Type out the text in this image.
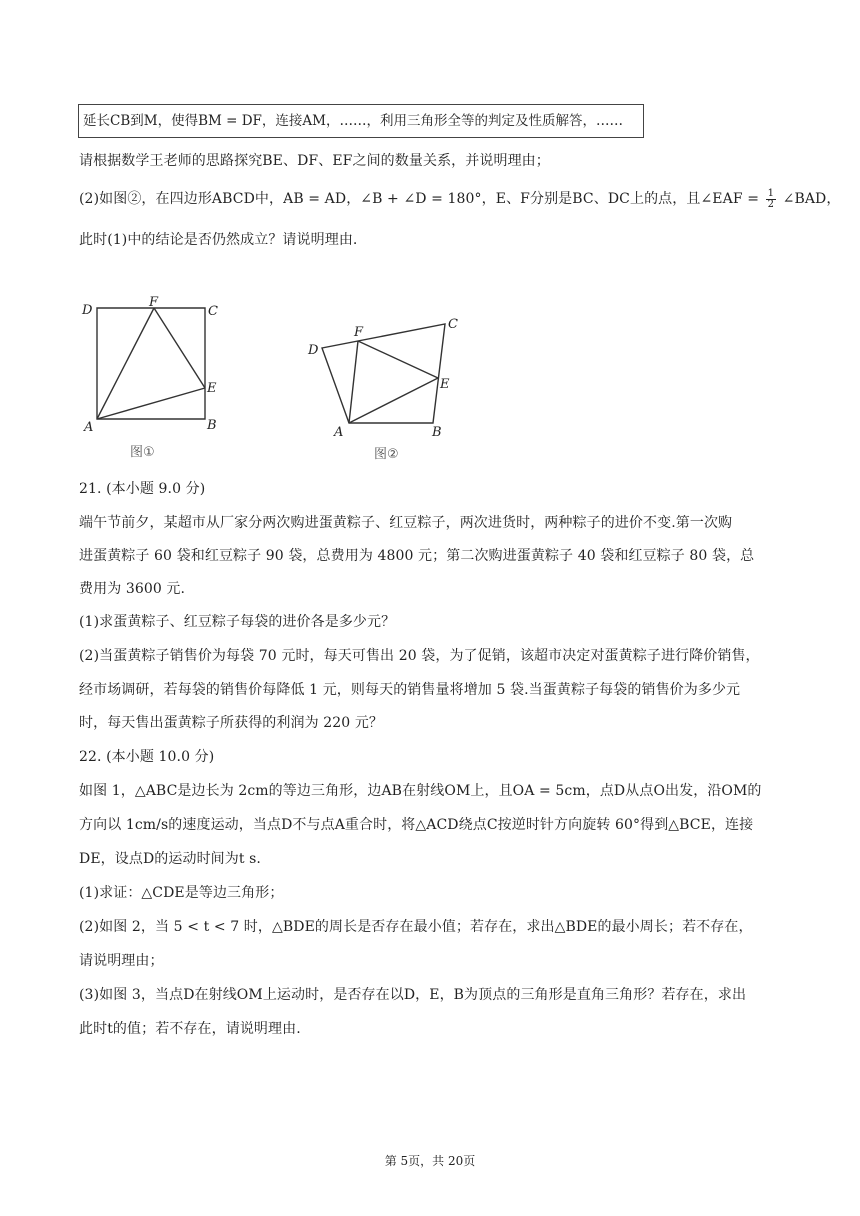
延长CB到M，使得BM = DF，连接AM，……，利用三角形全等的判定及性质解答，……
请根据数学王老师的思路探究BE、DF、EF之间的数量关系，并说明理由；
(2)如图②，在四边形ABCD中，AB = AD，∠B + ∠D = 180°，E、F分别是BC、DC上的点，且∠EAF = $\frac{1}{2}$ ∠BAD，
此时(1)中的结论是否仍然成立？请说明理由.
D
F
C
E
A	B
图①
D
F
C
E
A	B
图②
21. (本小题 9.0 分)
端午节前夕，某超市从厂家分两次购进蛋黄粽子、红豆粽子，两次进货时，两种粽子的进价不变.第一次购
进蛋黄粽子 60 袋和红豆粽子 90 袋，总费用为 4800 元；第二次购进蛋黄粽子 40 袋和红豆粽子 80 袋，总
费用为 3600 元.
(1)求蛋黄粽子、红豆粽子每袋的进价各是多少元？
(2)当蛋黄粽子销售价为每袋 70 元时，每天可售出 20 袋，为了促销，该超市决定对蛋黄粽子进行降价销售，
经市场调研，若每袋的销售价每降低 1 元，则每天的销售量将增加 5 袋.当蛋黄粽子每袋的销售价为多少元
时，每天售出蛋黄粽子所获得的利润为 220 元？
22. (本小题 10.0 分)
如图 1，△ABC是边长为 2cm的等边三角形，边AB在射线OM上，且OA = 5cm，点D从点O出发，沿OM的
方向以 1cm/s的速度运动，当点D不与点A重合时，将△ACD绕点C按逆时针方向旋转 60°得到△BCE，连接
DE，设点D的运动时间为t s.
(1)求证：△CDE是等边三角形；
(2)如图 2，当 5 < t < 7 时，△BDE的周长是否存在最小值；若存在，求出△BDE的最小周长；若不存在，
请说明理由；
(3)如图 3，当点D在射线OM上运动时，是否存在以D，E，B为顶点的三角形是直角三角形？若存在，求出
此时t的值；若不存在，请说明理由.
第 5页，共 20页
